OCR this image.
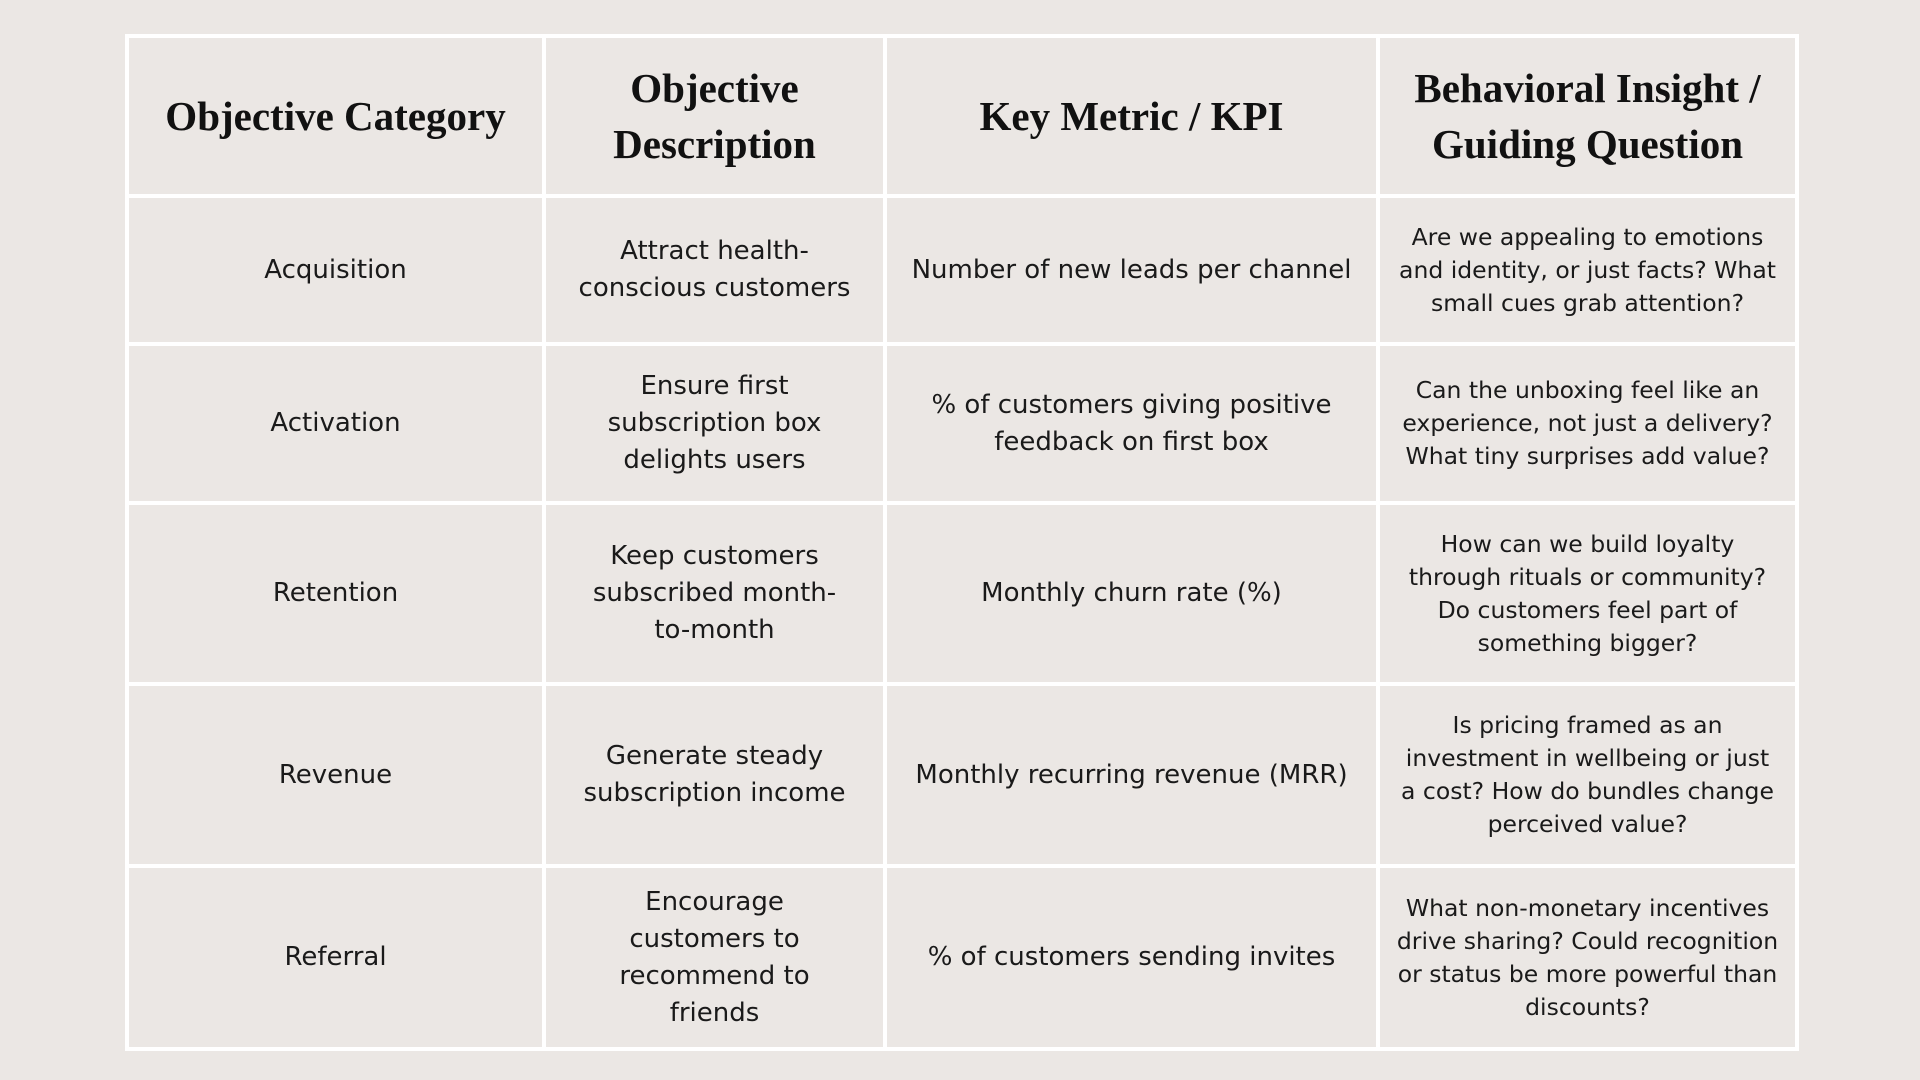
Objective Category	Objective Description	Key Metric / KPI	Behavioral Insight / Guiding Question
Acquisition	Attract health-conscious customers	Number of new leads per channel	Are we appealing to emotions and identity, or just facts? What small cues grab attention?
Activation	Ensure first subscription box delights users	% of customers giving positive feedback on first box	Can the unboxing feel like an experience, not just a delivery? What tiny surprises add value?
Retention	Keep customers subscribed month-to-month	Monthly churn rate (%)	How can we build loyalty through rituals or community? Do customers feel part of something bigger?
Revenue	Generate steady subscription income	Monthly recurring revenue (MRR)	Is pricing framed as an investment in wellbeing or just a cost? How do bundles change perceived value?
Referral	Encourage customers to recommend to friends	% of customers sending invites	What non-monetary incentives drive sharing? Could recognition or status be more powerful than discounts?
